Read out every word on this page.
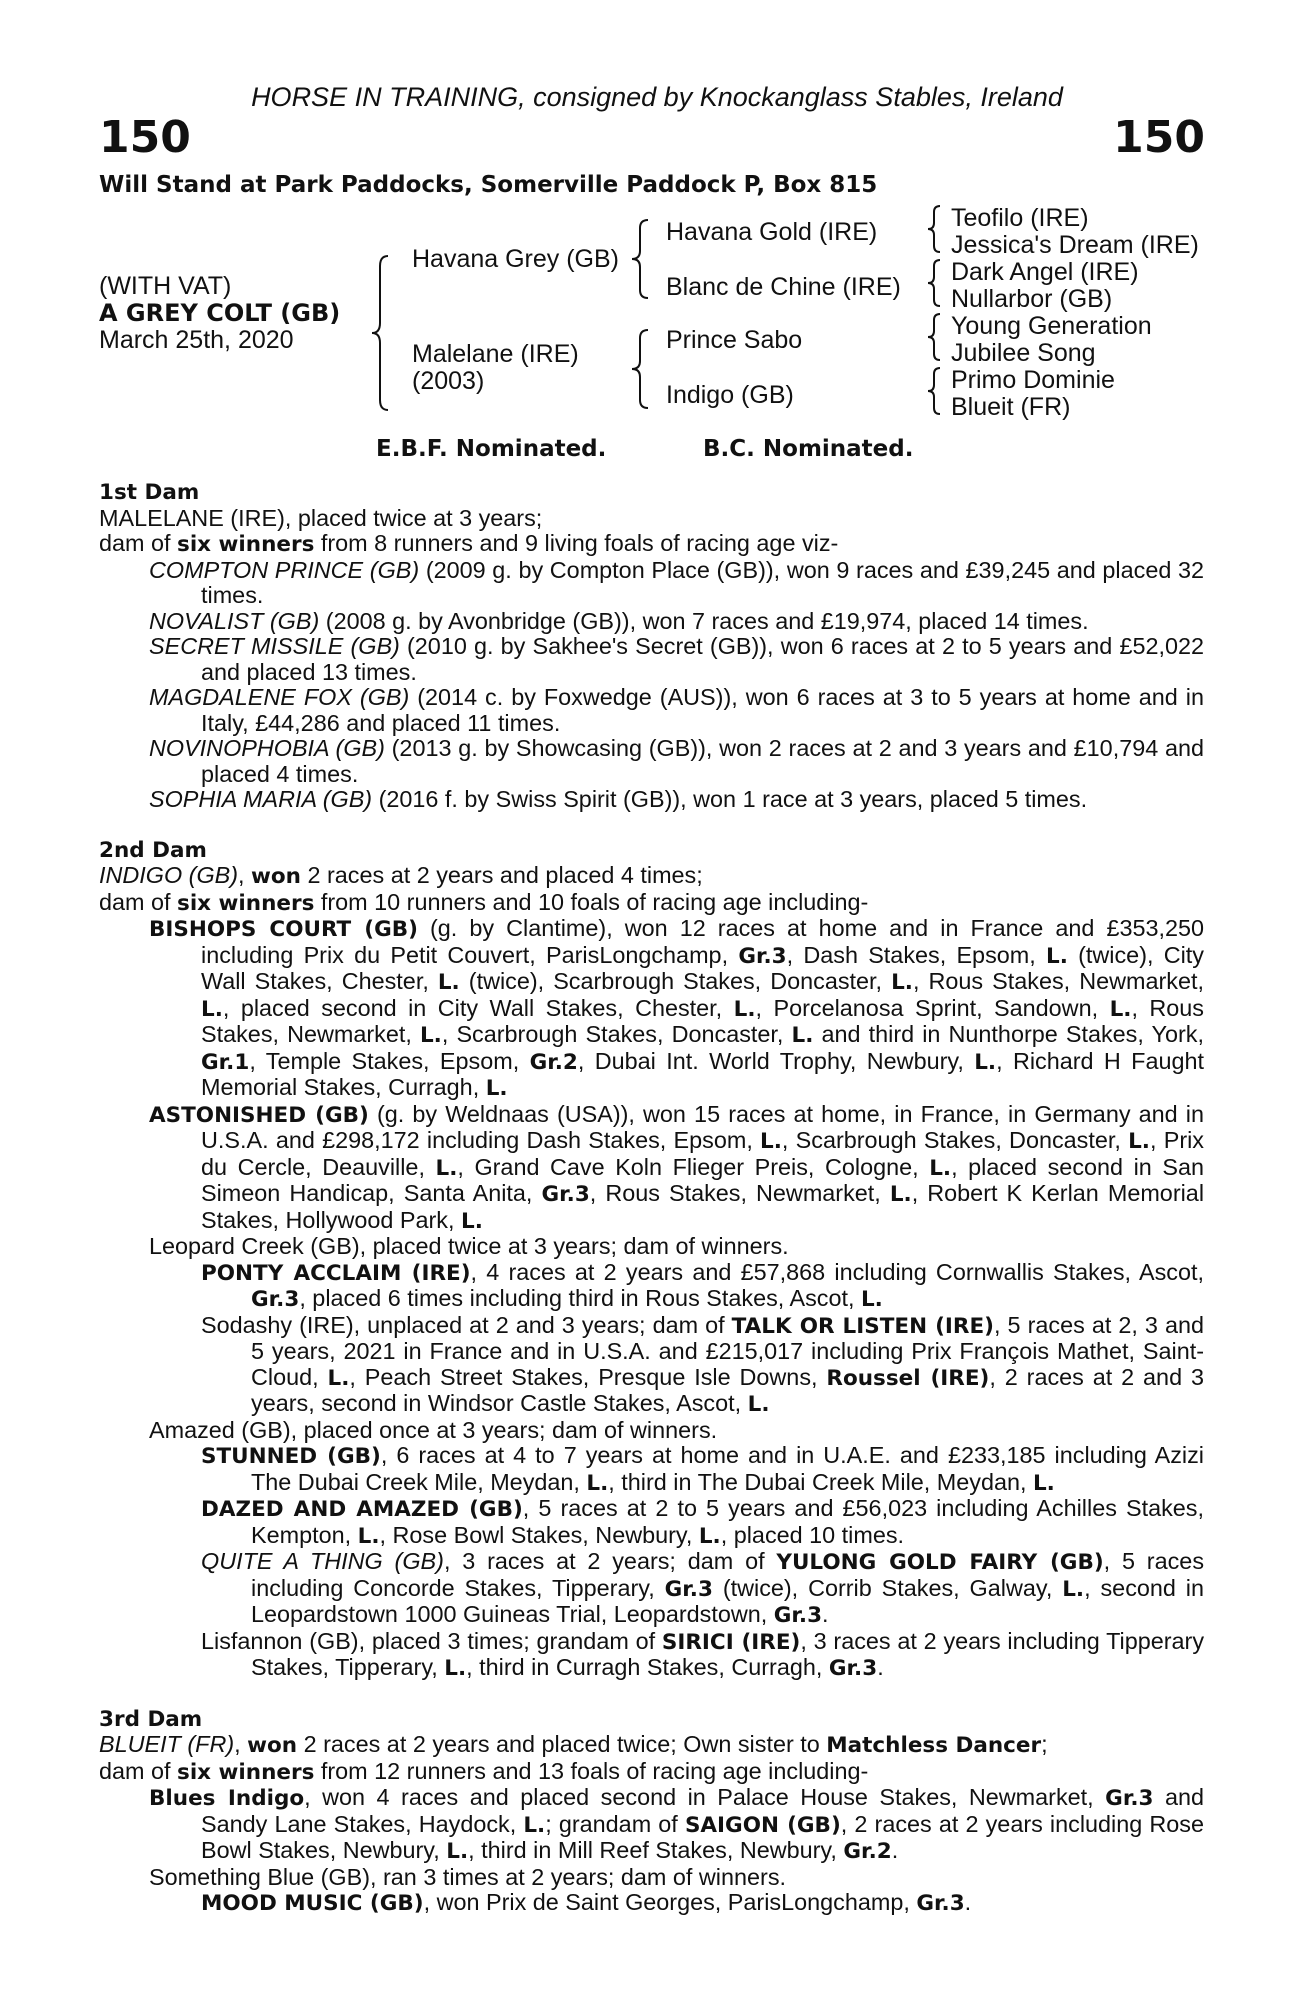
HORSE IN TRAINING, consigned by Knockanglass Stables, Ireland
150	150
Will Stand at Park Paddocks, Somerville Paddock P, Box 815
(WITH VAT)
A GREY COLT (GB)
March 25th, 2020
Havana Grey (GB)
Malelane (IRE)
(2003)
Havana Gold (IRE)
Blanc de Chine (IRE)
Prince Sabo
Indigo (GB)
Teofilo (IRE)
Jessica's Dream (IRE)
Dark Angel (IRE)
Nullarbor (GB)
Young Generation
Jubilee Song
Primo Dominie
Blueit (FR)
E.B.F. Nominated.	B.C. Nominated.
1st Dam

MALELANE (IRE), placed twice at 3 years;

dam of six winners from 8 runners and 9 living foals of racing age viz-

COMPTON PRINCE (GB) (2009 g. by Compton Place (GB)), won 9 races and £39,245 and placed 32 times.

NOVALIST (GB) (2008 g. by Avonbridge (GB)), won 7 races and £19,974, placed 14 times.

SECRET MISSILE (GB) (2010 g. by Sakhee's Secret (GB)), won 6 races at 2 to 5 years and £52,022 and placed 13 times.

MAGDALENE FOX (GB) (2014 c. by Foxwedge (AUS)), won 6 races at 3 to 5 years at home and in Italy, £44,286 and placed 11 times.

NOVINOPHOBIA (GB) (2013 g. by Showcasing (GB)), won 2 races at 2 and 3 years and £10,794 and placed 4 times.

SOPHIA MARIA (GB) (2016 f. by Swiss Spirit (GB)), won 1 race at 3 years, placed 5 times.

2nd Dam

INDIGO (GB), won 2 races at 2 years and placed 4 times;

dam of six winners from 10 runners and 10 foals of racing age including-

BISHOPS COURT (GB) (g. by Clantime), won 12 races at home and in France and £353,250 including Prix du Petit Couvert, ParisLongchamp, Gr.3, Dash Stakes, Epsom, L. (twice), City Wall Stakes, Chester, L. (twice), Scarbrough Stakes, Doncaster, L., Rous Stakes, Newmarket, L., placed second in City Wall Stakes, Chester, L., Porcelanosa Sprint, Sandown, L., Rous Stakes, Newmarket, L., Scarbrough Stakes, Doncaster, L. and third in Nunthorpe Stakes, York, Gr.1, Temple Stakes, Epsom, Gr.2, Dubai Int. World Trophy, Newbury, L., Richard H Faught Memorial Stakes, Curragh, L.

ASTONISHED (GB) (g. by Weldnaas (USA)), won 15 races at home, in France, in Germany and in U.S.A. and £298,172 including Dash Stakes, Epsom, L., Scarbrough Stakes, Doncaster, L., Prix du Cercle, Deauville, L., Grand Cave Koln Flieger Preis, Cologne, L., placed second in San Simeon Handicap, Santa Anita, Gr.3, Rous Stakes, Newmarket, L., Robert K Kerlan Memorial Stakes, Hollywood Park, L.

Leopard Creek (GB), placed twice at 3 years; dam of winners.

PONTY ACCLAIM (IRE), 4 races at 2 years and £57,868 including Cornwallis Stakes, Ascot, Gr.3, placed 6 times including third in Rous Stakes, Ascot, L.

Sodashy (IRE), unplaced at 2 and 3 years; dam of TALK OR LISTEN (IRE), 5 races at 2, 3 and 5 years, 2021 in France and in U.S.A. and £215,017 including Prix François Mathet, Saint-Cloud, L., Peach Street Stakes, Presque Isle Downs, Roussel (IRE), 2 races at 2 and 3 years, second in Windsor Castle Stakes, Ascot, L.

Amazed (GB), placed once at 3 years; dam of winners.

STUNNED (GB), 6 races at 4 to 7 years at home and in U.A.E. and £233,185 including Azizi The Dubai Creek Mile, Meydan, L., third in The Dubai Creek Mile, Meydan, L.

DAZED AND AMAZED (GB), 5 races at 2 to 5 years and £56,023 including Achilles Stakes, Kempton, L., Rose Bowl Stakes, Newbury, L., placed 10 times.

QUITE A THING (GB), 3 races at 2 years; dam of YULONG GOLD FAIRY (GB), 5 races including Concorde Stakes, Tipperary, Gr.3 (twice), Corrib Stakes, Galway, L., second in Leopardstown 1000 Guineas Trial, Leopardstown, Gr.3.

Lisfannon (GB), placed 3 times; grandam of SIRICI (IRE), 3 races at 2 years including Tipperary Stakes, Tipperary, L., third in Curragh Stakes, Curragh, Gr.3.

3rd Dam

BLUEIT (FR), won 2 races at 2 years and placed twice; Own sister to Matchless Dancer;

dam of six winners from 12 runners and 13 foals of racing age including-

Blues Indigo, won 4 races and placed second in Palace House Stakes, Newmarket, Gr.3 and Sandy Lane Stakes, Haydock, L.; grandam of SAIGON (GB), 2 races at 2 years including Rose Bowl Stakes, Newbury, L., third in Mill Reef Stakes, Newbury, Gr.2.

Something Blue (GB), ran 3 times at 2 years; dam of winners.

MOOD MUSIC (GB), won Prix de Saint Georges, ParisLongchamp, Gr.3.
